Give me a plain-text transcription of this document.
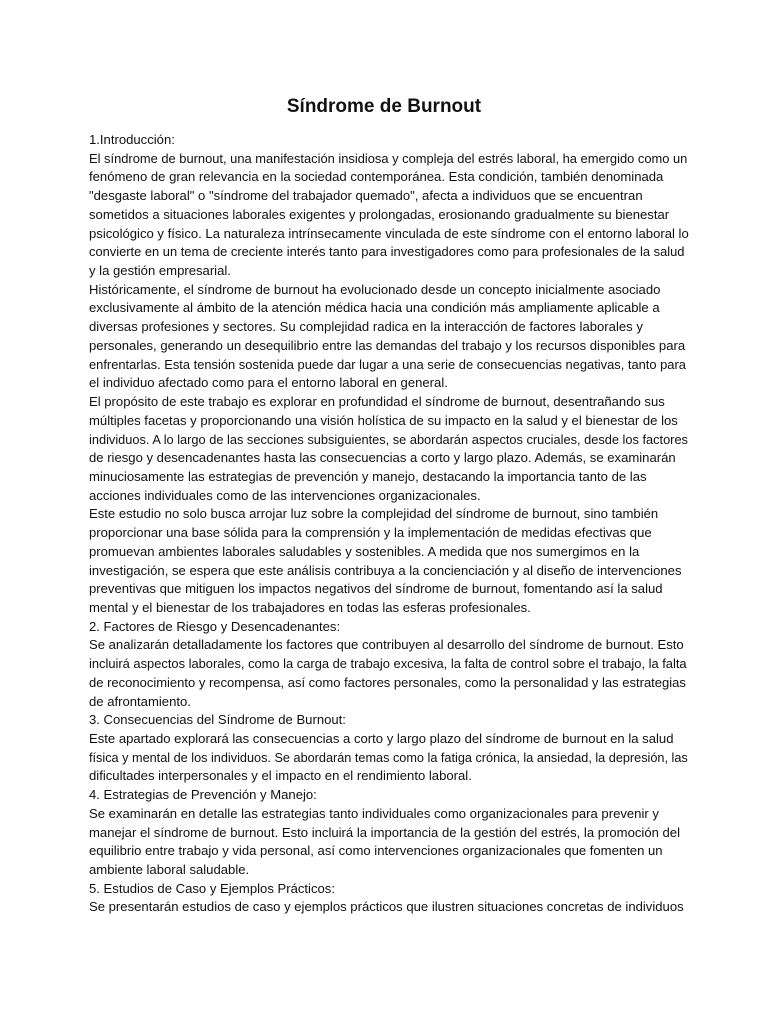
Síndrome de Burnout
1.Introducción:
El síndrome de burnout, una manifestación insidiosa y compleja del estrés laboral, ha emergido como un
fenómeno de gran relevancia en la sociedad contemporánea. Esta condición, también denominada
"desgaste laboral" o "síndrome del trabajador quemado", afecta a individuos que se encuentran
sometidos a situaciones laborales exigentes y prolongadas, erosionando gradualmente su bienestar
psicológico y físico. La naturaleza intrínsecamente vinculada de este síndrome con el entorno laboral lo
convierte en un tema de creciente interés tanto para investigadores como para profesionales de la salud
y la gestión empresarial.
Históricamente, el síndrome de burnout ha evolucionado desde un concepto inicialmente asociado
exclusivamente al ámbito de la atención médica hacia una condición más ampliamente aplicable a
diversas profesiones y sectores. Su complejidad radica en la interacción de factores laborales y
personales, generando un desequilibrio entre las demandas del trabajo y los recursos disponibles para
enfrentarlas. Esta tensión sostenida puede dar lugar a una serie de consecuencias negativas, tanto para
el individuo afectado como para el entorno laboral en general.
El propósito de este trabajo es explorar en profundidad el síndrome de burnout, desentrañando sus
múltiples facetas y proporcionando una visión holística de su impacto en la salud y el bienestar de los
individuos. A lo largo de las secciones subsiguientes, se abordarán aspectos cruciales, desde los factores
de riesgo y desencadenantes hasta las consecuencias a corto y largo plazo. Además, se examinarán
minuciosamente las estrategias de prevención y manejo, destacando la importancia tanto de las
acciones individuales como de las intervenciones organizacionales.
Este estudio no solo busca arrojar luz sobre la complejidad del síndrome de burnout, sino también
proporcionar una base sólida para la comprensión y la implementación de medidas efectivas que
promuevan ambientes laborales saludables y sostenibles. A medida que nos sumergimos en la
investigación, se espera que este análisis contribuya a la concienciación y al diseño de intervenciones
preventivas que mitiguen los impactos negativos del síndrome de burnout, fomentando así la salud
mental y el bienestar de los trabajadores en todas las esferas profesionales.
2. Factores de Riesgo y Desencadenantes:
Se analizarán detalladamente los factores que contribuyen al desarrollo del síndrome de burnout. Esto
incluirá aspectos laborales, como la carga de trabajo excesiva, la falta de control sobre el trabajo, la falta
de reconocimiento y recompensa, así como factores personales, como la personalidad y las estrategias
de afrontamiento.
3. Consecuencias del Síndrome de Burnout:
Este apartado explorará las consecuencias a corto y largo plazo del síndrome de burnout en la salud
física y mental de los individuos. Se abordarán temas como la fatiga crónica, la ansiedad, la depresión, las
dificultades interpersonales y el impacto en el rendimiento laboral.
4. Estrategias de Prevención y Manejo:
Se examinarán en detalle las estrategias tanto individuales como organizacionales para prevenir y
manejar el síndrome de burnout. Esto incluirá la importancia de la gestión del estrés, la promoción del
equilibrio entre trabajo y vida personal, así como intervenciones organizacionales que fomenten un
ambiente laboral saludable.
5. Estudios de Caso y Ejemplos Prácticos:
Se presentarán estudios de caso y ejemplos prácticos que ilustren situaciones concretas de individuos
